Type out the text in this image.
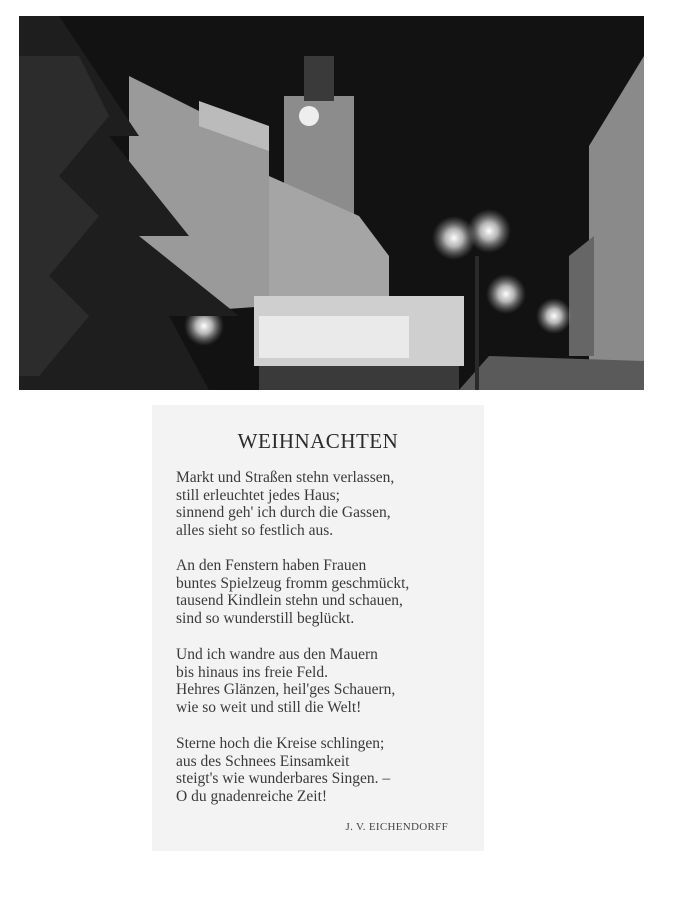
WEIHNACHTEN
Markt und Straßen stehn verlassen,
still erleuchtet jedes Haus;
sinnend geh' ich durch die Gassen,
alles sieht so festlich aus.
An den Fenstern haben Frauen
buntes Spielzeug fromm geschmückt,
tausend Kindlein stehn und schauen,
sind so wunderstill beglückt.
Und ich wandre aus den Mauern
bis hinaus ins freie Feld.
Hehres Glänzen, heil'ges Schauern,
wie so weit und still die Welt!
Sterne hoch die Kreise schlingen;
aus des Schnees Einsamkeit
steigt's wie wunderbares Singen. –
O du gnadenreiche Zeit!
J. V. EICHENDORFF
